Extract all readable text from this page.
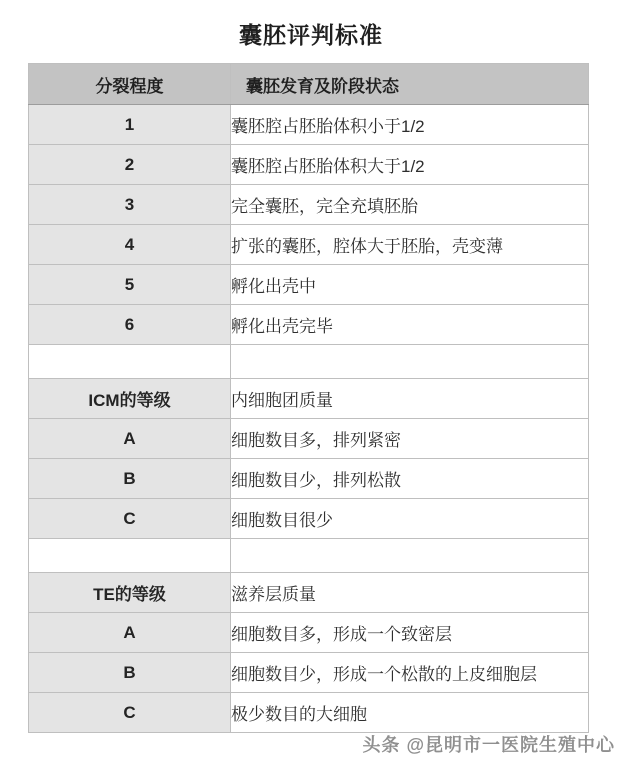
囊胚评判标准
分裂程度	囊胚发育及阶段状态
1	囊胚腔占胚胎体积小于1/2
2	囊胚腔占胚胎体积大于1/2
3	完全囊胚，完全充填胚胎
4	扩张的囊胚，腔体大于胚胎，壳变薄
5	孵化出壳中
6	孵化出壳完毕

ICM的等级	内细胞团质量
A	细胞数目多，排列紧密
B	细胞数目少，排列松散
C	细胞数目很少

TE的等级	滋养层质量
A	细胞数目多，形成一个致密层
B	细胞数目少，形成一个松散的上皮细胞层
C	极少数目的大细胞
头条 @昆明市一医院生殖中心
